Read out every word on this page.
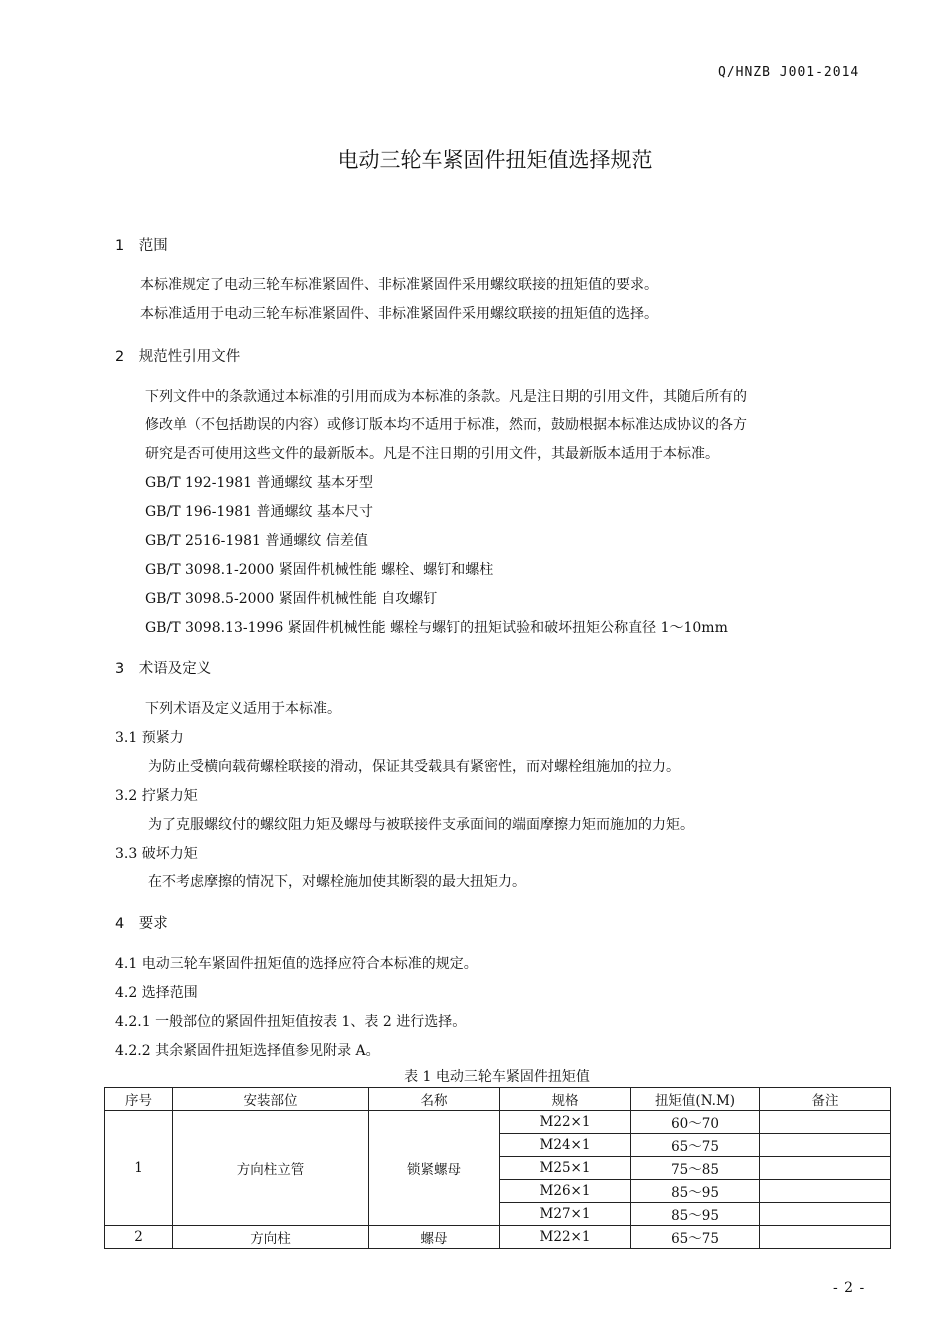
Q/HNZB J001-2014
电动三轮车紧固件扭矩值选择规范
1　范围
本标准规定了电动三轮车标准紧固件、非标准紧固件采用螺纹联接的扭矩值的要求。
本标准适用于电动三轮车标准紧固件、非标准紧固件采用螺纹联接的扭矩值的选择。
2　规范性引用文件
下列文件中的条款通过本标准的引用而成为本标准的条款。凡是注日期的引用文件，其随后所有的
修改单（不包括勘误的内容）或修订版本均不适用于标准，然而，鼓励根据本标准达成协议的各方
研究是否可使用这些文件的最新版本。凡是不注日期的引用文件，其最新版本适用于本标准。
GB/T 192-1981 普通螺纹 基本牙型
GB/T 196-1981 普通螺纹 基本尺寸
GB/T 2516-1981 普通螺纹 信差值
GB/T 3098.1-2000 紧固件机械性能 螺栓、螺钉和螺柱
GB/T 3098.5-2000 紧固件机械性能 自攻螺钉
GB/T 3098.13-1996 紧固件机械性能 螺栓与螺钉的扭矩试验和破坏扭矩公称直径 1～10mm
3　术语及定义
下列术语及定义适用于本标准。
3.1 预紧力
为防止受横向载荷螺栓联接的滑动，保证其受载具有紧密性，而对螺栓组施加的拉力。
3.2 拧紧力矩
为了克服螺纹付的螺纹阻力矩及螺母与被联接件支承面间的端面摩擦力矩而施加的力矩。
3.3 破坏力矩
在不考虑摩擦的情况下，对螺栓施加使其断裂的最大扭矩力。
4　要求
4.1 电动三轮车紧固件扭矩值的选择应符合本标准的规定。
4.2 选择范围
4.2.1 一般部位的紧固件扭矩值按表 1、表 2 进行选择。
4.2.2 其余紧固件扭矩选择值参见附录 A。
表 1 电动三轮车紧固件扭矩值
序号	安装部位	名称	规格	扭矩值(N.M)	备注
1	方向柱立管	锁紧螺母	M22×1	60～70	
			M24×1	65～75	
			M25×1	75～85	
			M26×1	85～95	
			M27×1	85～95	
2	方向柱	螺母	M22×1	65～75	
- 2 -
